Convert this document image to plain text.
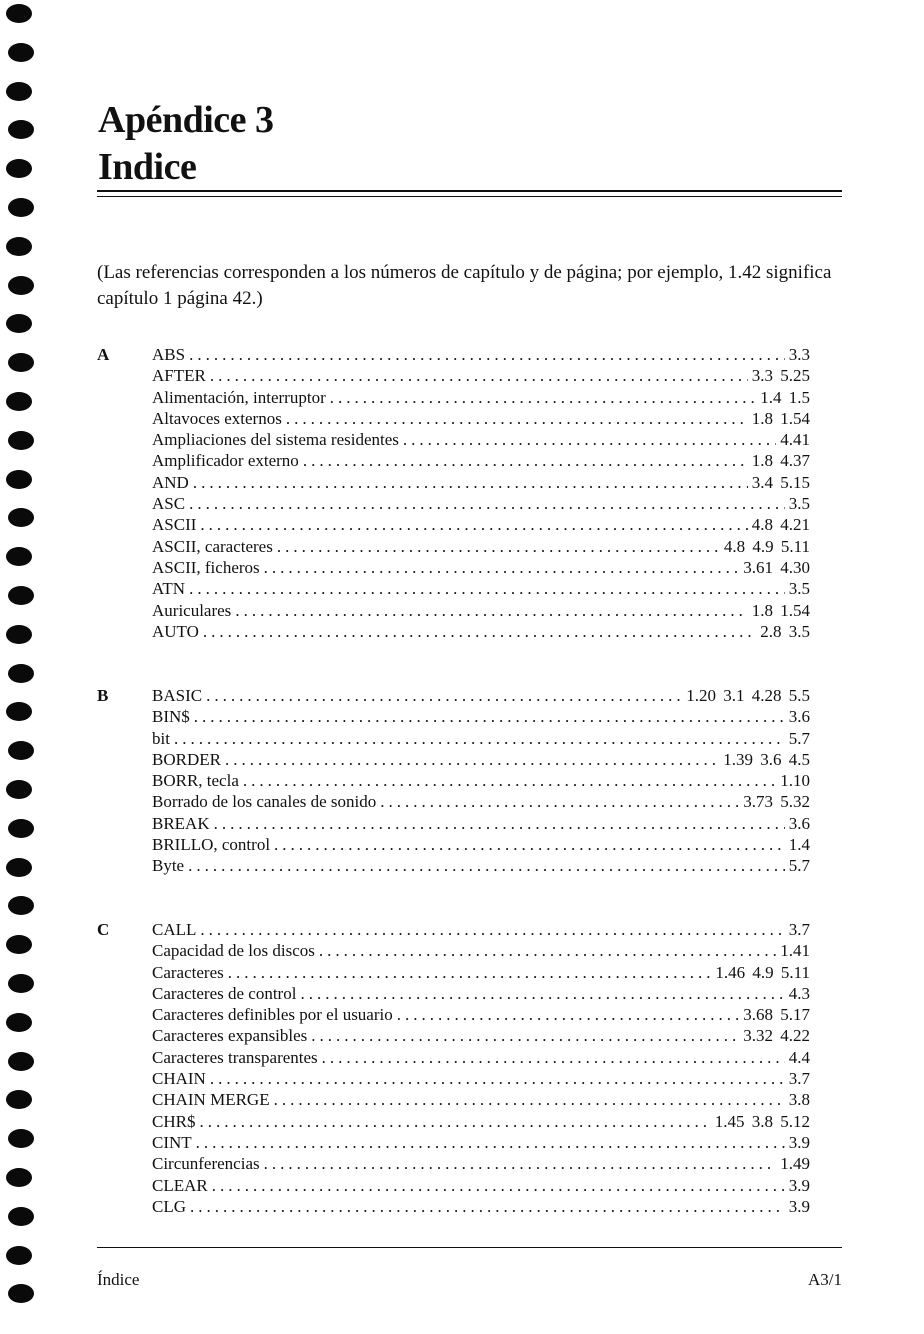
Apéndice 3
Indice

(Las referencias corresponden a los números de capítulo y de página; por ejemplo, 1.42 significa capítulo 1 página 42.)

A	ABS .....	3.3
AFTER .....	3.3 5.25
Alimentación, interruptor .....	1.4 1.5
Altavoces externos .....	1.8 1.54
Ampliaciones del sistema residentes .....	4.41
Amplificador externo .....	1.8 4.37
AND .....	3.4 5.15
ASC .....	3.5
ASCII .....	4.8 4.21
ASCII, caracteres .....	4.8 4.9 5.11
ASCII, ficheros .....	3.61 4.30
ATN .....	3.5
Auriculares .....	1.8 1.54
AUTO .....	2.8 3.5
B	BASIC .....	1.20 3.1 4.28 5.5
BIN$ .....	3.6
bit .....	5.7
BORDER .....	1.39 3.6 4.5
BORR, tecla .....	1.10
Borrado de los canales de sonido .....	3.73 5.32
BREAK .....	3.6
BRILLO, control .....	1.4
Byte .....	5.7
C	CALL .....	3.7
Capacidad de los discos .....	1.41
Caracteres .....	1.46 4.9 5.11
Caracteres de control .....	4.3
Caracteres definibles por el usuario .....	3.68 5.17
Caracteres expansibles .....	3.32 4.22
Caracteres transparentes .....	4.4
CHAIN .....	3.7
CHAIN MERGE .....	3.8
CHR$ .....	1.45 3.8 5.12
CINT .....	3.9
Circunferencias .....	1.49
CLEAR .....	3.9
CLG .....	3.9
Índice	A3/1
